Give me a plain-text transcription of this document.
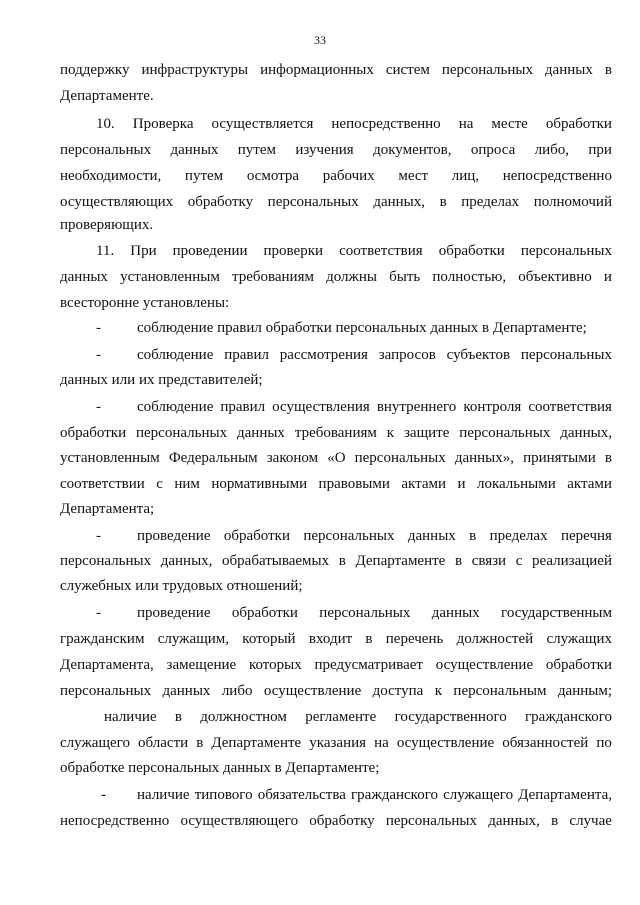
33
поддержку инфраструктуры информационных систем персональных данных в
Департаменте.
10. Проверка осуществляется непосредственно на месте обработки
персональных данных путем изучения документов, опроса либо, при
необходимости, путем осмотра рабочих мест лиц, непосредственно
осуществляющих обработку персональных данных, в пределах полномочий
проверяющих.
11. При проведении проверки соответствия обработки персональных
данных установленным требованиям должны быть полностью, объективно и
всесторонне установлены:
- соблюдение правил обработки персональных данных в Департаменте;
- соблюдение правил рассмотрения запросов субъектов персональных
данных или их представителей;
- соблюдение правил осуществления внутреннего контроля соответствия
обработки персональных данных требованиям к защите персональных данных,
установленным Федеральным законом «О персональных данных», принятыми в
соответствии с ним нормативными правовыми актами и локальными актами
Департамента;
- проведение обработки персональных данных в пределах перечня
персональных данных, обрабатываемых в Департаменте в связи с реализацией
служебных или трудовых отношений;
- проведение обработки персональных данных государственным
гражданским служащим, который входит в перечень должностей служащих
Департамента, замещение которых предусматривает осуществление обработки
персональных данных либо осуществление доступа к персональным данным;
наличие в должностном регламенте государственного гражданского
служащего области в Департаменте указания на осуществление обязанностей по
обработке персональных данных в Департаменте;
- наличие типового обязательства гражданского служащего Департамента,
непосредственно осуществляющего обработку персональных данных, в случае
